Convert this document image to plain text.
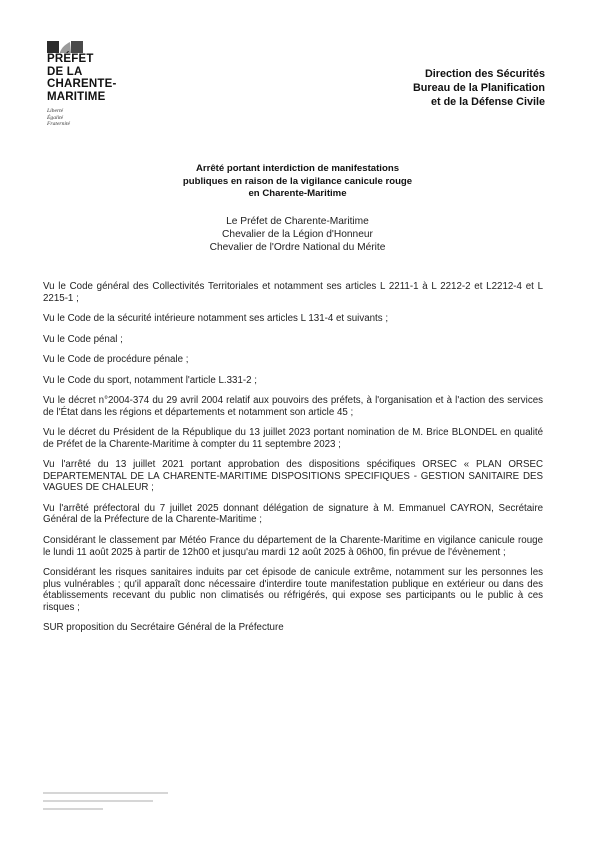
PRÉFET
DE LA
CHARENTE-
MARITIME
Liberté
Égalité
Fraternité
Direction des Sécurités
Bureau de la Planification
et de la Défense Civile
Arrêté portant interdiction de manifestations
publiques en raison de la vigilance canicule rouge
en Charente-Maritime
Le Préfet de Charente-Maritime
Chevalier de la Légion d'Honneur
Chevalier de l'Ordre National du Mérite

Vu le Code général des Collectivités Territoriales et notamment ses articles L 2211-1 à L 2212-2 et L2212-4 et L 2215-1 ;

Vu le Code de la sécurité intérieure notamment ses articles L 131-4 et suivants ;

Vu le Code pénal ;

Vu le Code de procédure pénale ;

Vu le Code du sport, notamment l'article L.331-2 ;

Vu le décret n°2004-374 du 29 avril 2004 relatif aux pouvoirs des préfets, à l'organisation et à l'action des services de l'État dans les régions et départements et notamment son article 45 ;

Vu le décret du Président de la République du 13 juillet 2023 portant nomination de M. Brice BLONDEL en qualité de Préfet de la Charente-Maritime à compter du 11 septembre 2023 ;

Vu l'arrêté du 13 juillet 2021 portant approbation des dispositions spécifiques ORSEC « PLAN ORSEC DEPARTEMENTAL DE LA CHARENTE-MARITIME DISPOSITIONS SPECIFIQUES - GESTION SANITAIRE DES VAGUES DE CHALEUR ;

Vu l'arrêté préfectoral du 7 juillet 2025 donnant délégation de signature à M. Emmanuel CAYRON, Secrétaire Général de la Préfecture de la Charente-Maritime ;

Considérant le classement par Météo France du département de la Charente-Maritime en vigilance canicule rouge le lundi 11 août 2025 à partir de 12h00 et jusqu'au mardi 12 août 2025 à 06h00, fin prévue de l'évènement ;

Considérant les risques sanitaires induits par cet épisode de canicule extrême, notamment sur les personnes les plus vulnérables ; qu'il apparaît donc nécessaire d'interdire toute manifestation publique en extérieur ou dans des établissements recevant du public non climatisés ou réfrigérés, qui expose ses participants ou le public à ces risques ;

SUR proposition du Secrétaire Général de la Préfecture
